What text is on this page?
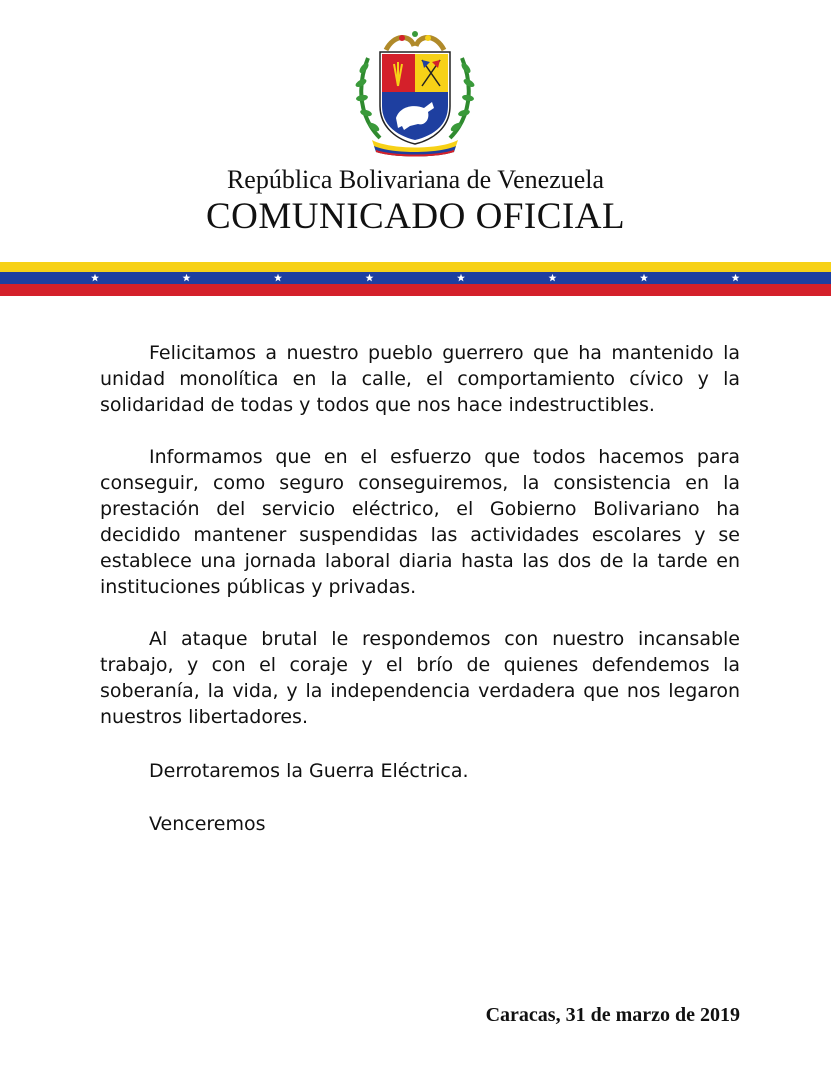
República Bolivariana de Venezuela
COMUNICADO OFICIAL

Felicitamos a nuestro pueblo guerrero que ha mantenido la unidad monolítica en la calle, el comportamiento cívico y la solidaridad de todas y todos que nos hace indestructibles.

Informamos que en el esfuerzo que todos hacemos para conseguir, como seguro conseguiremos, la consistencia en la prestación del servicio eléctrico, el Gobierno Bolivariano ha decidido mantener suspendidas las actividades escolares y se establece una jornada laboral diaria hasta las dos de la tarde en instituciones públicas y privadas.

Al ataque brutal le respondemos con nuestro incansable trabajo, y con el coraje y el brío de quienes defendemos la soberanía, la vida, y la independencia verdadera que nos legaron nuestros libertadores.

Derrotaremos la Guerra Eléctrica.
Venceremos
Caracas, 31 de marzo de 2019
